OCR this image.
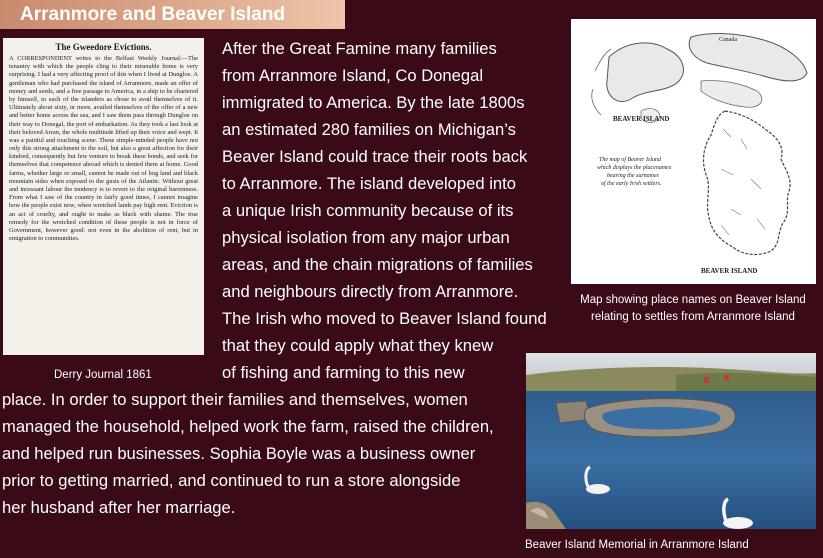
Arranmore and Beaver Island
The Gweedore Evictions.
A CORRESPONDENT writes to the Belfast Weekly Journal:—The tenantry with which the people cling to their miserable home is very surprising. I had a very affecting proof of this when I lived at Dungloe. A gentleman who had purchased the island of Arranmore, made an offer of money and seeds, and a free passage to America, in a ship to be chartered by himself, to such of the islanders as chose to avail themselves of it. Ultimately about sixty, or more, availed themselves of the offer of a new and better home across the sea, and I saw them pass through Dungloe on their way to Donegal, the port of embarkation. As they took a last look at their beloved Arran, the whole multitude lifted up their voice and wept. It was a painful and touching scene. These simple-minded people have not only this strong attachment to the soil, but also a great affection for their kindred, consequently but few venture to break these bonds, and seek for themselves that competence abroad which is denied them at home. Good farms, whether large or small, cannot be made out of bog land and black mountain sides when exposed to the gusts of the Atlantic. Without great and incessant labour the tendency is to revert to the original barrenness. From what I saw of the country in fairly good times, I cannot imagine how the people exist now, when wretched lands pay high rent. Eviction is an act of cruelty, and ought to make as black with shame. The true remedy for the wretched condition of these people is not in force of Government, however good: not even in the abolition of rent, but in emigration to communities.
Derry Journal 1861
After the Great Famine many families
from Arranmore Island, Co Donegal
immigrated to America. By the late 1800s
an estimated 280 families on Michigan’s
Beaver Island could trace their roots back
to Arranmore. The island developed into
a unique Irish community because of its
physical isolation from any major urban
areas, and the chain migrations of families
and neighbours directly from Arranmore.
The Irish who moved to Beaver Island found
that they could apply what they knew
of fishing and farming to this new
place. In order to support their families and themselves, women
managed the household, helped work the farm, raised the children,
and helped run businesses. Sophia Boyle was a business owner
prior to getting married, and continued to run a store alongside
her husband after her marriage.
Canada
BEAVER ISLAND
The map of Beaver Island
which displays the placenames
bearing the surnames
of the early Irish settlers.
BEAVER ISLAND
Map showing place names on Beaver Island relating to settles from Arranmore Island
Beaver Island Memorial in Arranmore Island
